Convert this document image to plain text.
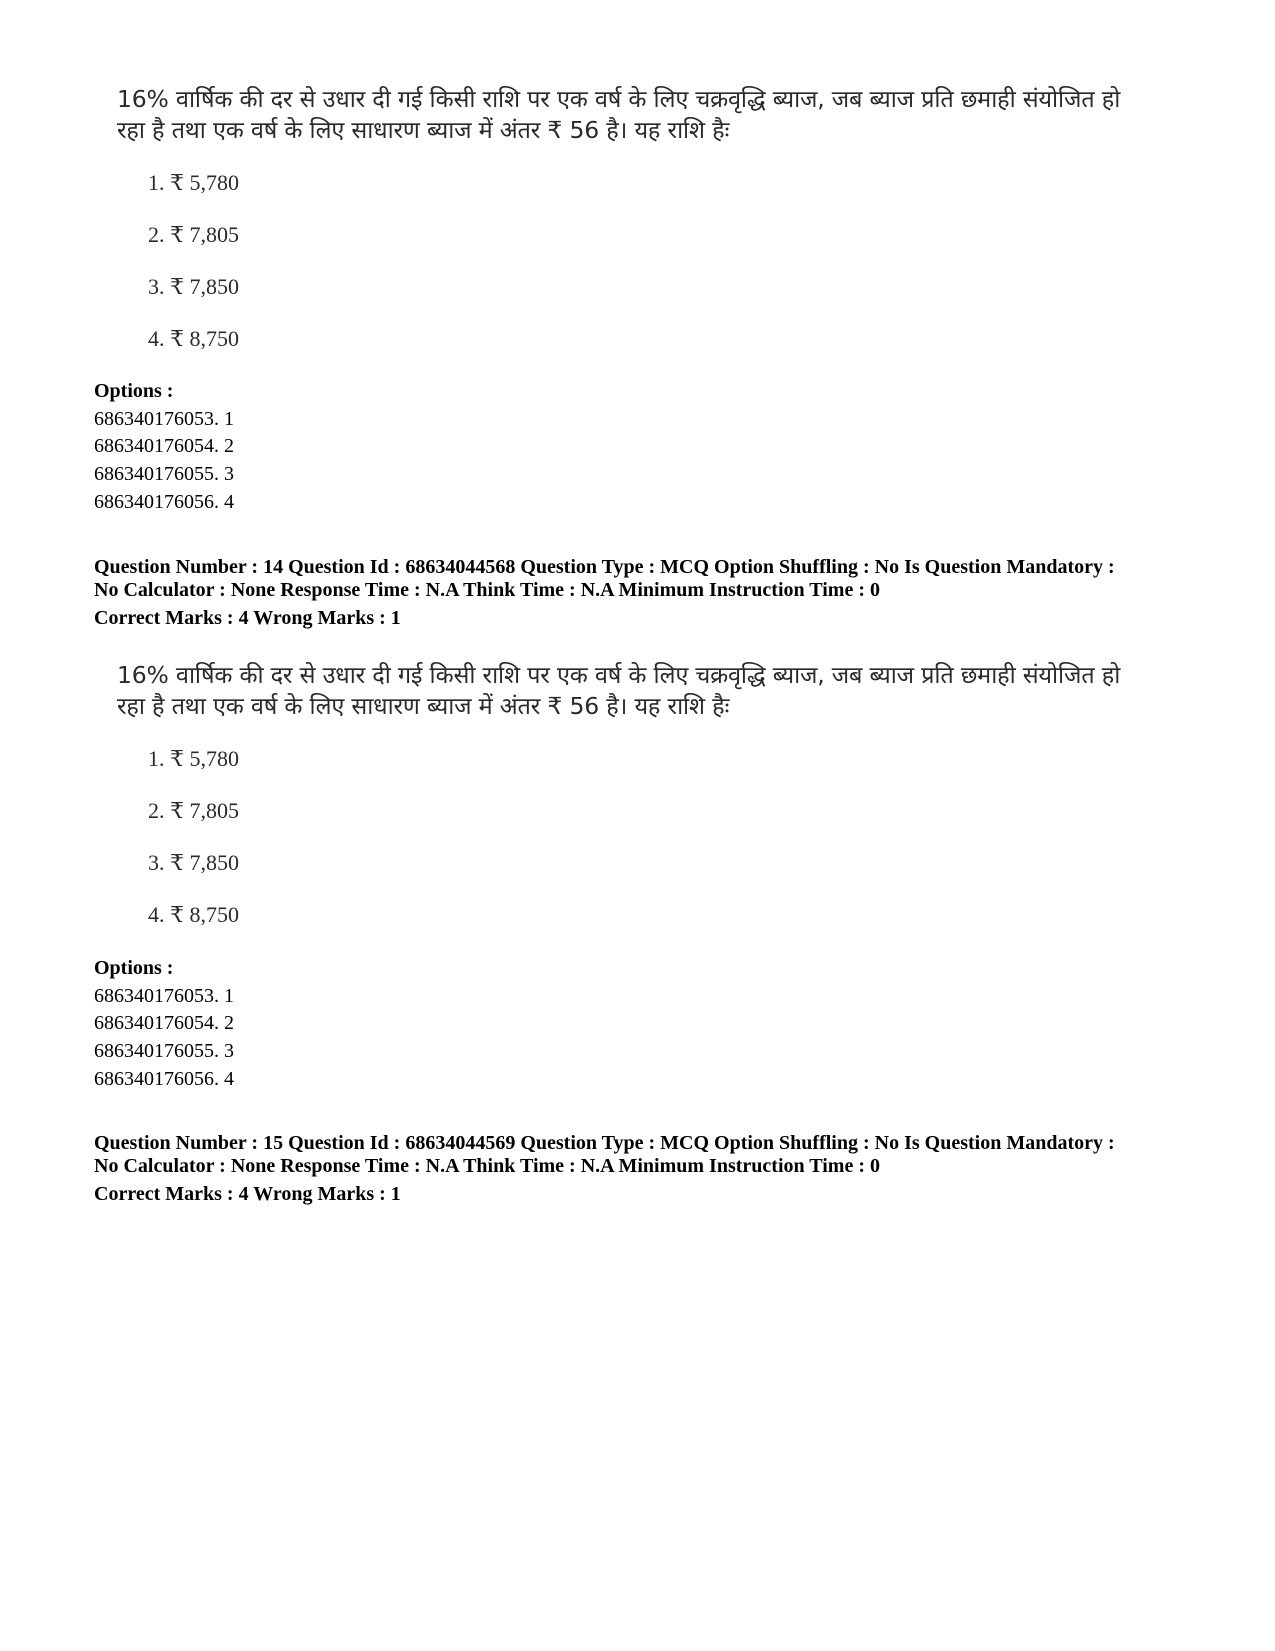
16% वार्षिक की दर से उधार दी गई किसी राशि पर एक वर्ष के लिए चक्रवृद्धि ब्याज, जब ब्याज प्रति छमाही संयोजित हो
रहा है तथा एक वर्ष के लिए साधारण ब्याज में अंतर ₹ 56 है। यह राशि हैः
1. ₹ 5,780
2. ₹ 7,805
3. ₹ 7,850
4. ₹ 8,750
Options :
686340176053. 1
686340176054. 2
686340176055. 3
686340176056. 4
Question Number : 14 Question Id : 68634044568 Question Type : MCQ Option Shuffling : No Is Question Mandatory :
No Calculator : None Response Time : N.A Think Time : N.A Minimum Instruction Time : 0
Correct Marks : 4 Wrong Marks : 1
16% वार्षिक की दर से उधार दी गई किसी राशि पर एक वर्ष के लिए चक्रवृद्धि ब्याज, जब ब्याज प्रति छमाही संयोजित हो
रहा है तथा एक वर्ष के लिए साधारण ब्याज में अंतर ₹ 56 है। यह राशि हैः
1. ₹ 5,780
2. ₹ 7,805
3. ₹ 7,850
4. ₹ 8,750
Options :
686340176053. 1
686340176054. 2
686340176055. 3
686340176056. 4
Question Number : 15 Question Id : 68634044569 Question Type : MCQ Option Shuffling : No Is Question Mandatory :
No Calculator : None Response Time : N.A Think Time : N.A Minimum Instruction Time : 0
Correct Marks : 4 Wrong Marks : 1
